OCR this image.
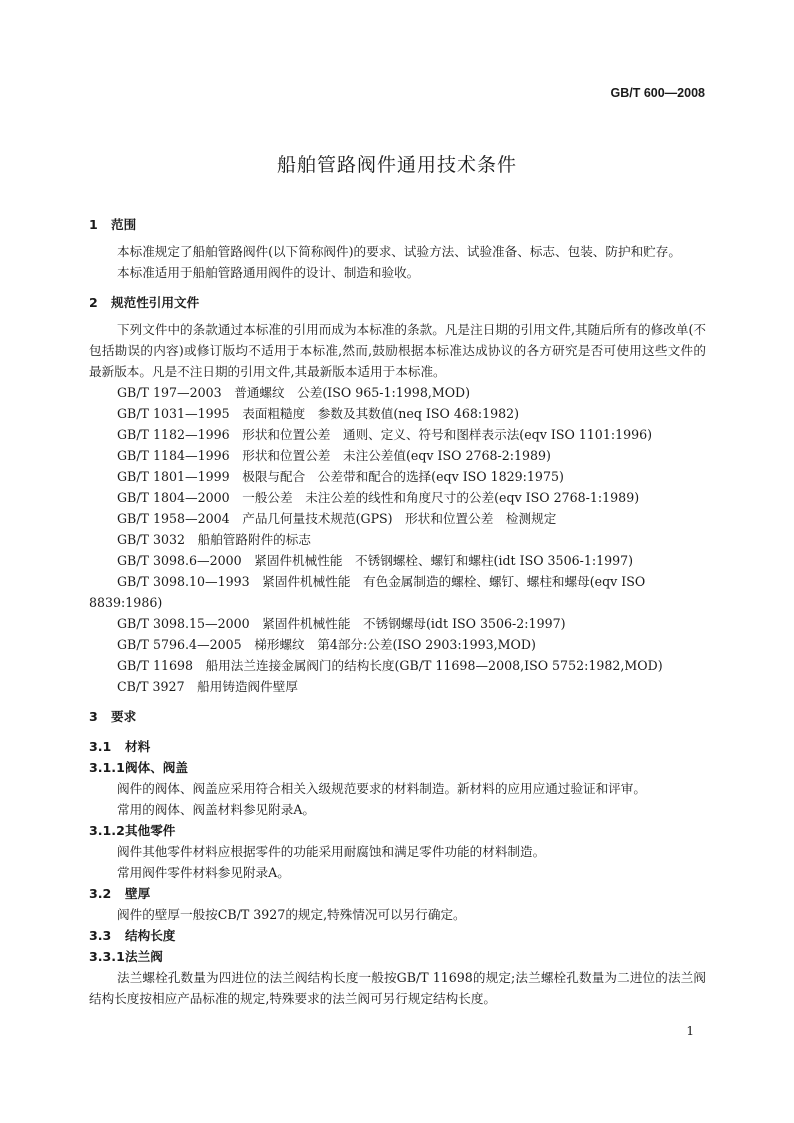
GB/T 600—2008
船舶管路阀件通用技术条件
1 范围
本标准规定了船舶管路阀件(以下简称阀件)的要求、试验方法、试验准备、标志、包装、防护和贮存。
本标准适用于船舶管路通用阀件的设计、制造和验收。
2 规范性引用文件
下列文件中的条款通过本标准的引用而成为本标准的条款。凡是注日期的引用文件,其随后所有的修改单(不包括勘误的内容)或修订版均不适用于本标准,然而,鼓励根据本标准达成协议的各方研究是否可使用这些文件的最新版本。凡是不注日期的引用文件,其最新版本适用于本标准。
GB/T 197—2003　普通螺纹　公差(ISO 965-1:1998,MOD)
GB/T 1031—1995　表面粗糙度　参数及其数值(neq ISO 468:1982)
GB/T 1182—1996　形状和位置公差　通则、定义、符号和图样表示法(eqv ISO 1101:1996)
GB/T 1184—1996　形状和位置公差　未注公差值(eqv ISO 2768-2:1989)
GB/T 1801—1999　极限与配合　公差带和配合的选择(eqv ISO 1829:1975)
GB/T 1804—2000　一般公差　未注公差的线性和角度尺寸的公差(eqv ISO 2768-1:1989)
GB/T 1958—2004　产品几何量技术规范(GPS)　形状和位置公差　检测规定
GB/T 3032　船舶管路附件的标志
GB/T 3098.6—2000　紧固件机械性能　不锈钢螺栓、螺钉和螺柱(idt ISO 3506-1:1997)
GB/T 3098.10—1993　紧固件机械性能　有色金属制造的螺栓、螺钉、螺柱和螺母(eqv ISO 8839:1986)
GB/T 3098.15—2000　紧固件机械性能　不锈钢螺母(idt ISO 3506-2:1997)
GB/T 5796.4—2005　梯形螺纹　第4部分:公差(ISO 2903:1993,MOD)
GB/T 11698　船用法兰连接金属阀门的结构长度(GB/T 11698—2008,ISO 5752:1982,MOD)
CB/T 3927　船用铸造阀件壁厚
3 要求
3.1 材料
3.1.1阀体、阀盖
阀件的阀体、阀盖应采用符合相关入级规范要求的材料制造。新材料的应用应通过验证和评审。
常用的阀体、阀盖材料参见附录A。
3.1.2其他零件
阀件其他零件材料应根据零件的功能采用耐腐蚀和满足零件功能的材料制造。
常用阀件零件材料参见附录A。
3.2 壁厚
阀件的壁厚一般按CB/T 3927的规定,特殊情况可以另行确定。
3.3 结构长度
3.3.1法兰阀
法兰螺栓孔数量为四进位的法兰阀结构长度一般按GB/T 11698的规定;法兰螺栓孔数量为二进位的法兰阀结构长度按相应产品标准的规定,特殊要求的法兰阀可另行规定结构长度。
1
